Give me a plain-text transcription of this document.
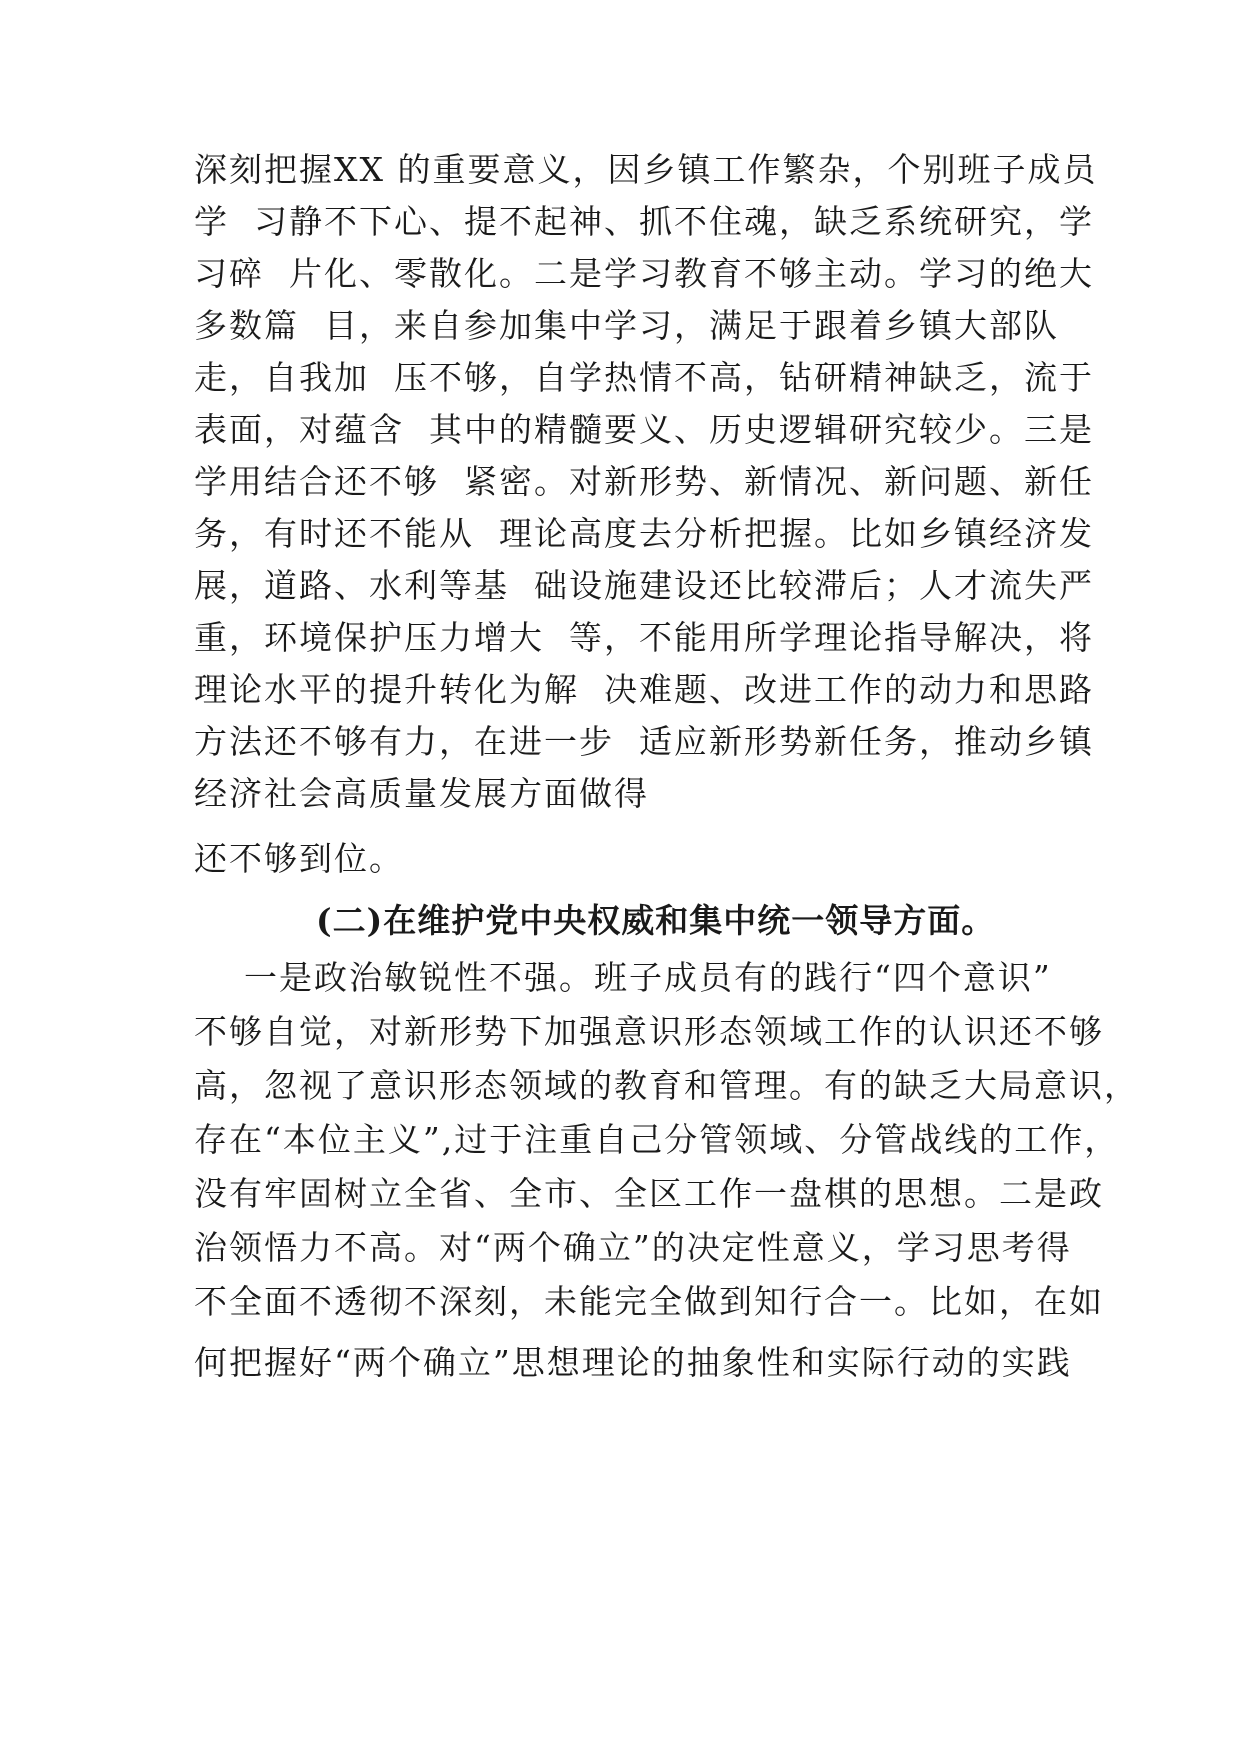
深刻把握XX 的重要意义，因乡镇工作繁杂，个别班子成员
学  习静不下心、提不起神、抓不住魂，缺乏系统研究，学
习碎  片化、零散化。二是学习教育不够主动。学习的绝大
多数篇  目，来自参加集中学习，满足于跟着乡镇大部队
走，自我加  压不够，自学热情不高，钻研精神缺乏，流于
表面，对蕴含  其中的精髓要义、历史逻辑研究较少。三是
学用结合还不够  紧密。对新形势、新情况、新问题、新任
务，有时还不能从  理论高度去分析把握。比如乡镇经济发
展，道路、水利等基  础设施建设还比较滞后；人才流失严
重，环境保护压力增大  等，不能用所学理论指导解决，将
理论水平的提升转化为解  决难题、改进工作的动力和思路
方法还不够有力，在进一步  适应新形势新任务，推动乡镇
经济社会高质量发展方面做得
还不够到位。
(二)在维护党中央权威和集中统一领导方面。
一是政治敏锐性不强。班子成员有的践行“四个意识”
不够自觉，对新形势下加强意识形态领域工作的认识还不够
高，忽视了意识形态领域的教育和管理。有的缺乏大局意识，
存在“本位主义”,过于注重自己分管领域、分管战线的工作，
没有牢固树立全省、全市、全区工作一盘棋的思想。二是政
治领悟力不高。对“两个确立”的决定性意义，学习思考得
不全面不透彻不深刻，未能完全做到知行合一。比如，在如
何把握好“两个确立”思想理论的抽象性和实际行动的实践
